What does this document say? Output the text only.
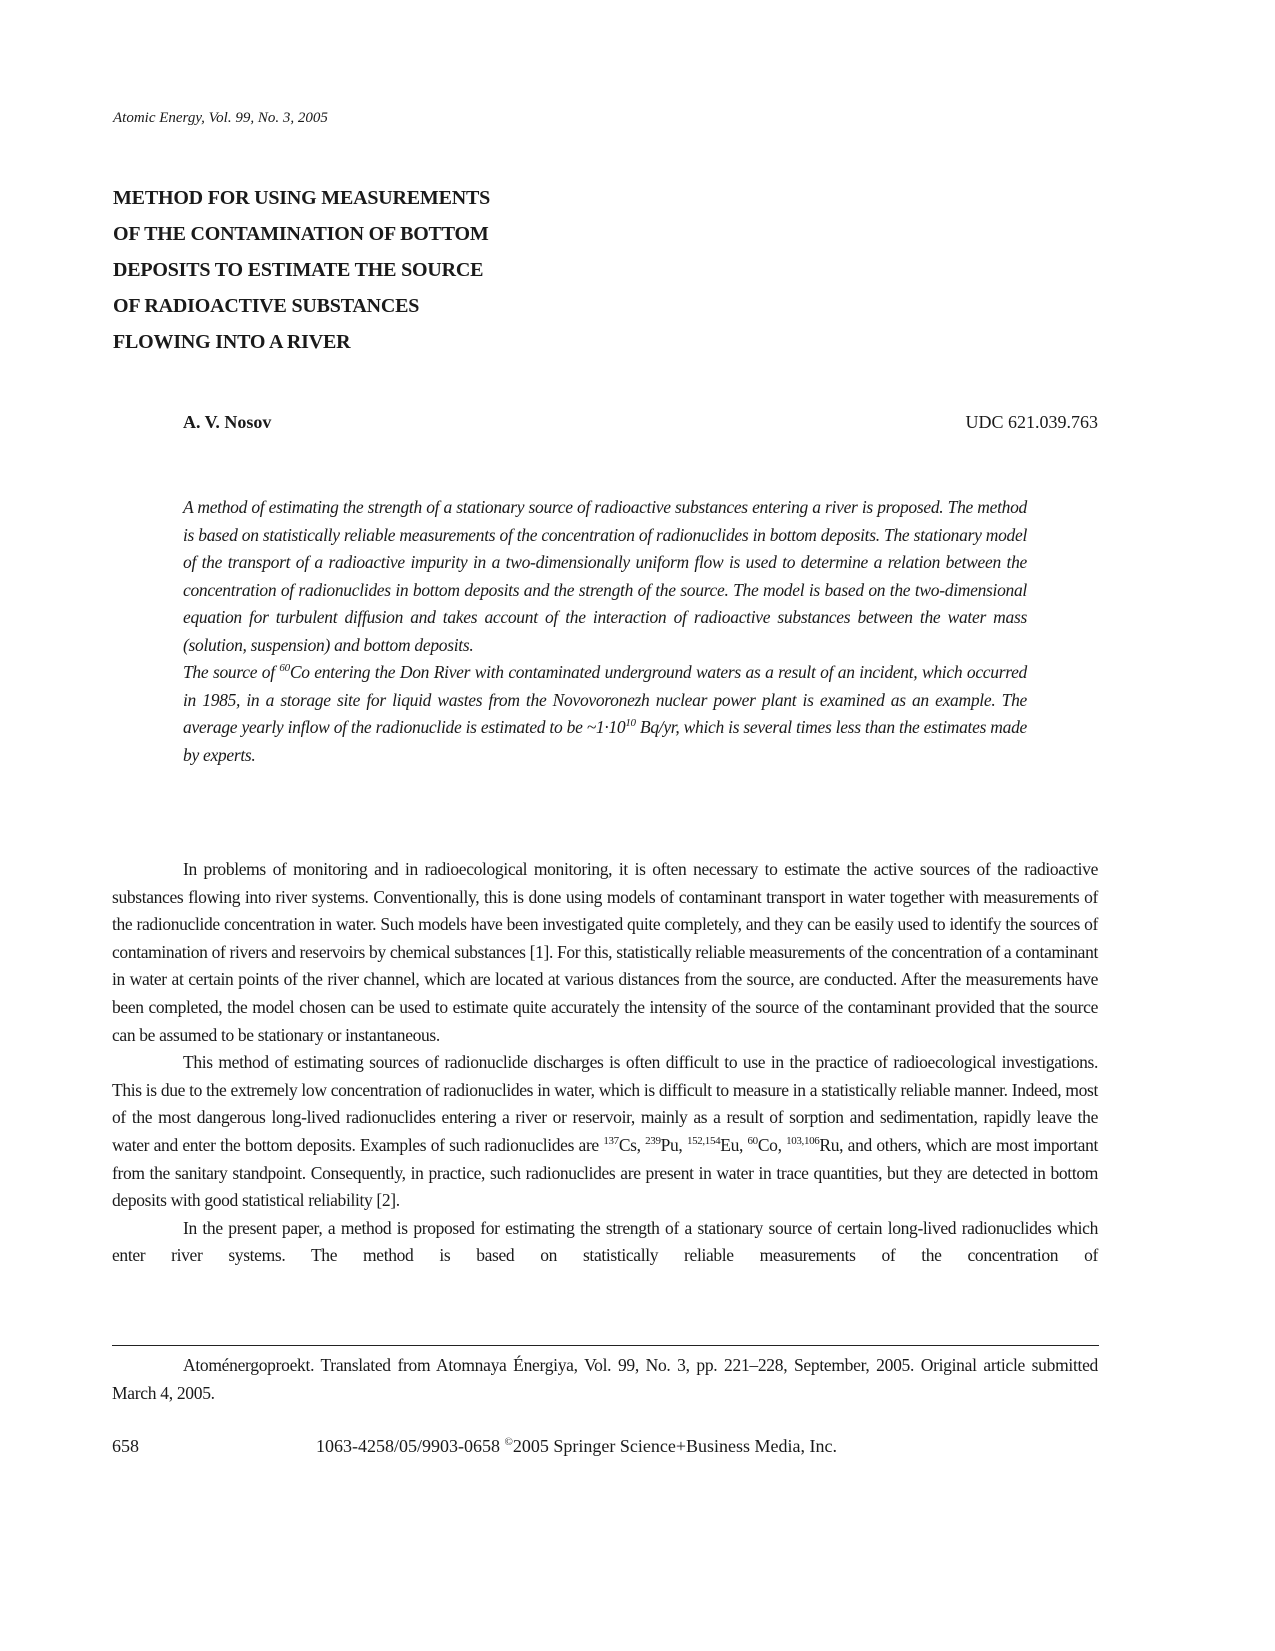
Atomic Energy, Vol. 99, No. 3, 2005
METHOD FOR USING MEASUREMENTS
OF THE CONTAMINATION OF BOTTOM
DEPOSITS TO ESTIMATE THE SOURCE
OF RADIOACTIVE SUBSTANCES
FLOWING INTO A RIVER
A. V. Nosov	UDC 621.039.763

A method of estimating the strength of a stationary source of radioactive substances entering a river is proposed. The method is based on statistically reliable measurements of the concentration of radionuclides in bottom deposits. The stationary model of the transport of a radioactive impurity in a two-dimensionally uniform flow is used to determine a relation between the concentration of radionuclides in bottom deposits and the strength of the source. The model is based on the two-dimensional equation for turbulent diffusion and takes account of the interaction of radioactive substances between the water mass (solution, suspension) and bottom deposits.

The source of $^{60}$Co entering the Don River with contaminated underground waters as a result of an incident, which occurred in 1985, in a storage site for liquid wastes from the Novovoronezh nuclear power plant is examined as an example. The average yearly inflow of the radionuclide is estimated to be $\sim 1\cdot 10^{10}$ Bq/yr, which is several times less than the estimates made by experts.

In problems of monitoring and in radioecological monitoring, it is often necessary to estimate the active sources of the radioactive substances flowing into river systems. Conventionally, this is done using models of contaminant transport in water together with measurements of the radionuclide concentration in water. Such models have been investigated quite completely, and they can be easily used to identify the sources of contamination of rivers and reservoirs by chemical substances [1]. For this, statistically reliable measurements of the concentration of a contaminant in water at certain points of the river channel, which are located at various distances from the source, are conducted. After the measurements have been completed, the model chosen can be used to estimate quite accurately the intensity of the source of the contaminant provided that the source can be assumed to be stationary or instantaneous.

This method of estimating sources of radionuclide discharges is often difficult to use in the practice of radioecological investigations. This is due to the extremely low concentration of radionuclides in water, which is difficult to measure in a statistically reliable manner. Indeed, most of the most dangerous long-lived radionuclides entering a river or reservoir, mainly as a result of sorption and sedimentation, rapidly leave the water and enter the bottom deposits. Examples of such radionuclides are $^{137}$Cs, $^{239}$Pu, $^{152,154}$Eu, $^{60}$Co, $^{103,106}$Ru, and others, which are most important from the sanitary standpoint. Consequently, in practice, such radionuclides are present in water in trace quantities, but they are detected in bottom deposits with good statistical reliability [2].

In the present paper, a method is proposed for estimating the strength of a stationary source of certain long-lived radionuclides which enter river systems. The method is based on statistically reliable measurements of the concentration of

Atoménergoproekt. Translated from Atomnaya Énergiya, Vol. 99, No. 3, pp. 221–228, September, 2005. Original article submitted March 4, 2005.

658	1063-4258/05/9903-0658 ©2005 Springer Science+Business Media, Inc.
